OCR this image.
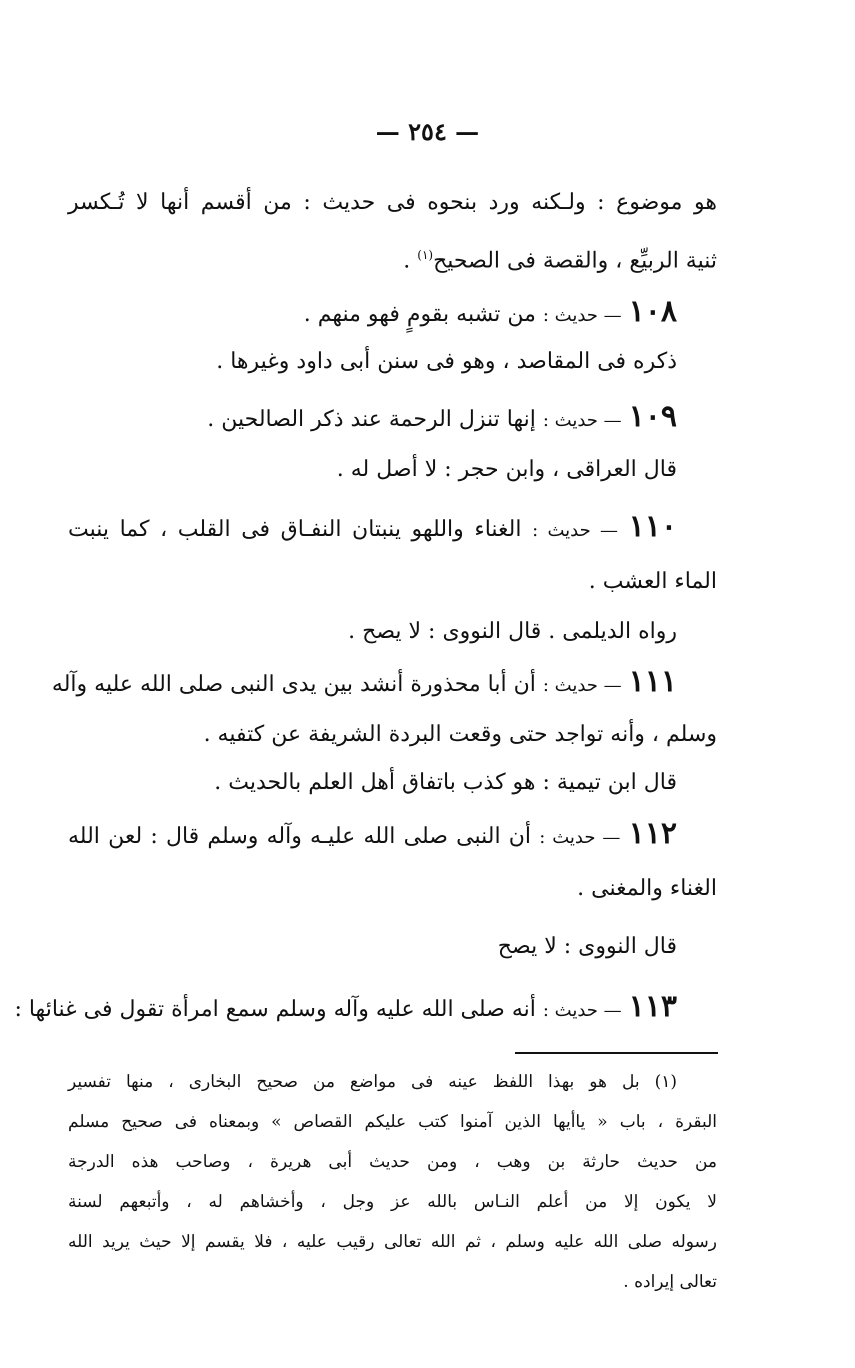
— ٢٥٤ —
هو موضوع : ولـكنه ورد بنحوه فى حديث : من أقسم أنها لا تُـكسر
ثنية الربيِّع ، والقصة فى الصحيح$^{(١)}$ .
١٠٨ — حديث : من تشبه بقومٍ فهو منهم .
ذكره فى المقاصد ، وهو فى سنن أبى داود وغيرها .
١٠٩ — حديث : إنها تنزل الرحمة عند ذكر الصالحين .
قال العراقى ، وابن حجر : لا أصل له .
١١٠ — حديث : الغناء واللهو ينبتان النفـاق فى القلب ، كما ينبت
الماء العشب .
رواه الديلمى . قال النووى : لا يصح .
١١١ — حديث : أن أبا محذورة أنشد بين يدى النبى صلى الله عليه وآله
وسلم ، وأنه تواجد حتى وقعت البردة الشريفة عن كتفيه .
قال ابن تيمية : هو كذب باتفاق أهل العلم بالحديث .
١١٢ — حديث : أن النبى صلى الله عليـه وآله وسلم قال : لعن الله
الغناء والمغنى .
قال النووى : لا يصح
١١٣ — حديث : أنه صلى الله عليه وآله وسلم سمع امرأة تقول فى غنائها :
(١) بل هو بهذا اللفظ عينه فى مواضع من صحيح البخارى ، منها تفسير
البقرة ، باب « ياأيها الذين آمنوا كتب عليكم القصاص » وبمعناه فى صحيح مسلم
من حديث حارثة بن وهب ، ومن حديث أبى هريرة ، وصاحب هذه الدرجة
لا يكون إلا من أعلم النـاس بالله عز وجل ، وأخشاهم له ، وأتبعهم لسنة
رسوله صلى الله عليه وسلم ، ثم الله تعالى رقيب عليه ، فلا يقسم إلا حيث يريد الله
تعالى إيراده .
